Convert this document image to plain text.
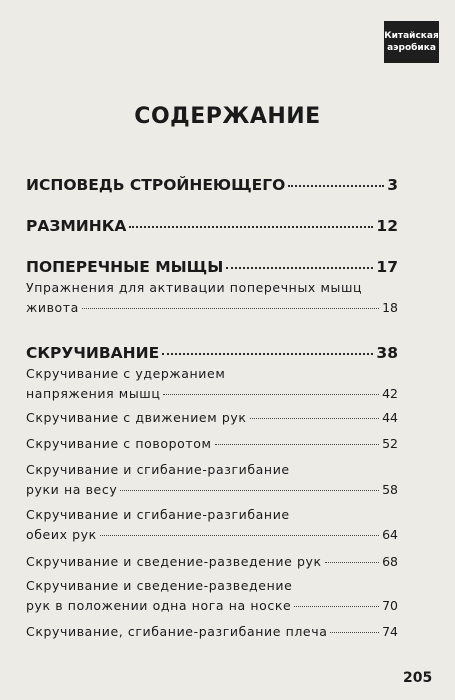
Китайская
аэробика
СОДЕРЖАНИЕ
ИСПОВЕДЬ СТРОЙНЕЮЩЕГО	3
РАЗМИНКА	12
ПОПЕРЕЧНЫЕ МЫЩЫ	17
Упражнения для активации поперечных мышц
живота	18
СКРУЧИВАНИЕ	38
Скручивание с удержанием
напряжения мышц	42
Скручивание с движением рук	44
Скручивание с поворотом	52
Скручивание и сгибание-разгибание
руки на весу	58
Скручивание и сгибание-разгибание
обеих рук	64
Скручивание и сведение-разведение рук	68
Скручивание и сведение-разведение
рук в положении одна нога на носке	70
Скручивание, сгибание-разгибание плеча	74
205
